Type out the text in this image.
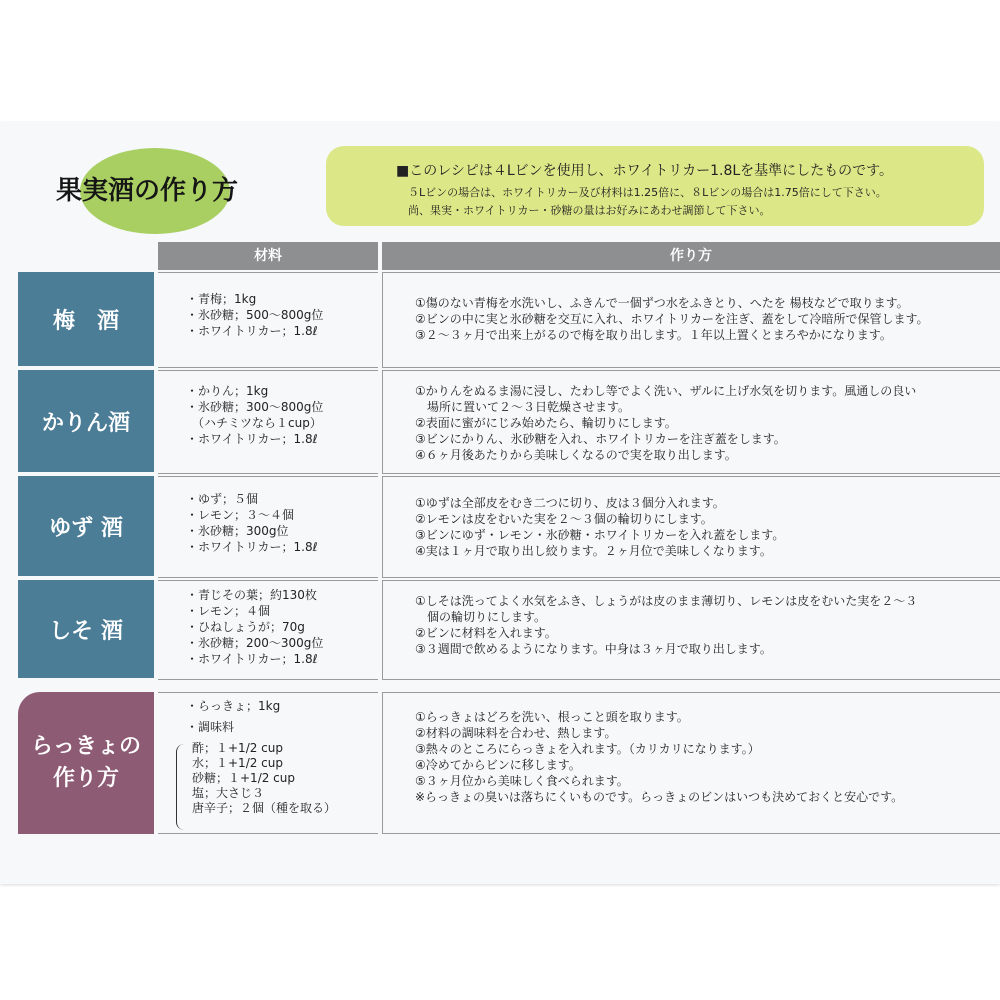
果実酒の作り方
■このレシピは４Lビンを使用し、ホワイトリカー1.8Lを基準にしたものです。
５Lビンの場合は、ホワイトリカー及び材料は1.25倍に、８Lビンの場合は1.75倍にして下さい。
尚、果実・ホワイトリカー・砂糖の量はお好みにあわせ調節して下さい。
材料	作り方
梅　酒
・青梅；1kg
・氷砂糖；500〜800g位
・ホワイトリカー；1.8ℓ
①傷のない青梅を水洗いし、ふきんで一個ずつ水をふきとり、へたを 楊枝などで取ります。
②ビンの中に実と氷砂糖を交互に入れ、ホワイトリカーを注ぎ、蓋をして冷暗所で保管します。
③２〜３ヶ月で出来上がるので梅を取り出します。１年以上置くとまろやかになります。
かりん酒
・かりん；1kg
・氷砂糖；300〜800g位
　（ハチミツなら１cup）
・ホワイトリカー；1.8ℓ
①かりんをぬるま湯に浸し、たわし等でよく洗い、ザルに上げ水気を切ります。風通しの良い
　場所に置いて２〜３日乾燥させます。
②表面に蜜がにじみ始めたら、輪切りにします。
③ビンにかりん、氷砂糖を入れ、ホワイトリカーを注ぎ蓋をします。
④６ヶ月後あたりから美味しくなるので実を取り出します。
ゆず 酒
・ゆず；５個
・レモン；３〜４個
・氷砂糖；300g位
・ホワイトリカー；1.8ℓ
①ゆずは全部皮をむき二つに切り、皮は３個分入れます。
②レモンは皮をむいた実を２〜３個の輪切りにします。
③ビンにゆず・レモン・氷砂糖・ホワイトリカーを入れ蓋をします。
④実は１ヶ月で取り出し絞ります。２ヶ月位で美味しくなります。
しそ 酒
・青じその葉；約130枚
・レモン；４個
・ひねしょうが；70g
・氷砂糖；200〜300g位
・ホワイトリカー；1.8ℓ
①しそは洗ってよく水気をふき、しょうがは皮のまま薄切り、レモンは皮をむいた実を２〜３
　個の輪切りにします。
②ビンに材料を入れます。
③３週間で飲めるようになります。中身は３ヶ月で取り出します。
らっきょの
作り方
・らっきょ；1kg
・調味料
酢；１+1/2 cup
水；１+1/2 cup
砂糖；１+1/2 cup
塩；大さじ３
唐辛子；２個（種を取る）
①らっきょはどろを洗い、根っこと頭を取ります。
②材料の調味料を合わせ、熱します。
③熱々のところにらっきょを入れます。（カリカリになります。）
④冷めてからビンに移します。
⑤３ヶ月位から美味しく食べられます。
※らっきょの臭いは落ちにくいものです。らっきょのビンはいつも決めておくと安心です。
